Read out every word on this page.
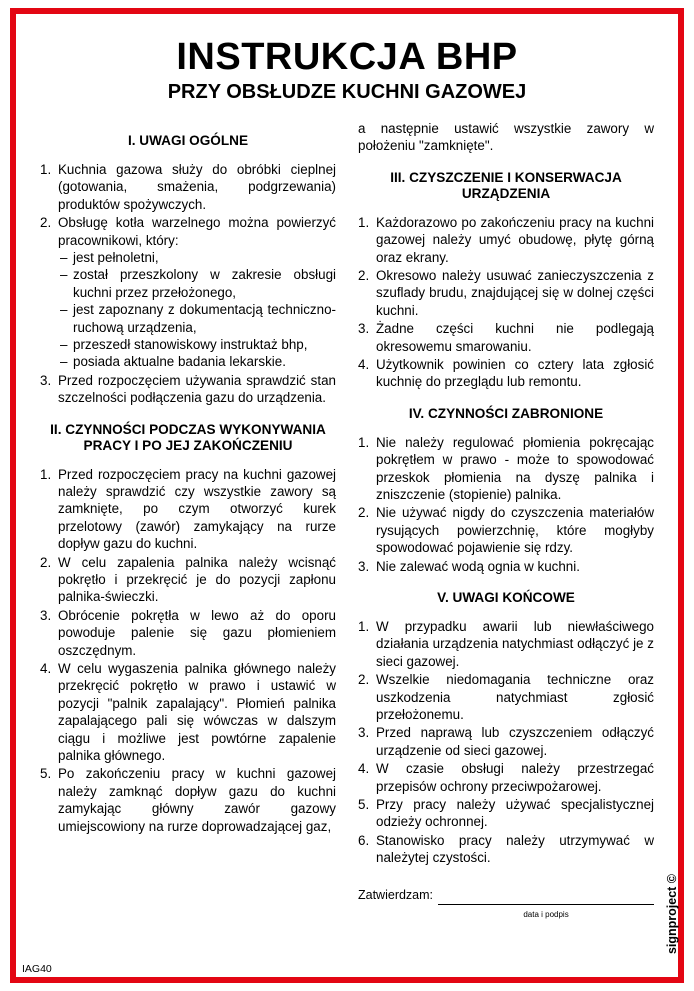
INSTRUKCJA BHP
PRZY OBSŁUDZE KUCHNI GAZOWEJ
I. UWAGI OGÓLNE
Kuchnia gazowa służy do obróbki cieplnej (gotowania, smażenia, podgrzewania) produktów spożywczych.
Obsługę kotła warzelnego można powierzyć pracownikowi, który:
– jest pełnoletni,
– został przeszkolony w zakresie obsługi kuchni przez przełożonego,
– jest zapoznany z dokumentacją techniczno-ruchową urządzenia,
– przeszedł stanowiskowy instruktaż bhp,
– posiada aktualne badania lekarskie.
Przed rozpoczęciem używania sprawdzić stan szczelności podłączenia gazu do urządzenia.
II. CZYNNOŚCI PODCZAS WYKONYWANIA PRACY I PO JEJ ZAKOŃCZENIU
Przed rozpoczęciem pracy na kuchni gazowej należy sprawdzić czy wszystkie zawory są zamknięte, po czym otworzyć kurek przelotowy (zawór) zamykający na rurze dopływ gazu do kuchni.
W celu zapalenia palnika należy wcisnąć pokrętło i przekręcić je do pozycji zapłonu palnika-świeczki.
Obrócenie pokrętła w lewo aż do oporu powoduje palenie się gazu płomieniem oszczędnym.
W celu wygaszenia palnika głównego należy przekręcić pokrętło w prawo i ustawić w pozycji "palnik zapalający". Płomień palnika zapalającego pali się wówczas w dalszym ciągu i możliwe jest powtórne zapalenie palnika głównego.
Po zakończeniu pracy w kuchni gazowej należy zamknąć dopływ gazu do kuchni zamykając główny zawór gazowy umiejscowiony na rurze doprowadzającej gaz,

a następnie ustawić wszystkie zawory w położeniu "zamknięte".

III. CZYSZCZENIE I KONSERWACJA URZĄDZENIA
Każdorazowo po zakończeniu pracy na kuchni gazowej należy umyć obudowę, płytę górną oraz ekrany.
Okresowo należy usuwać zanieczyszczenia z szuflady brudu, znajdującej się w dolnej części kuchni.
Żadne części kuchni nie podlegają okresowemu smarowaniu.
Użytkownik powinien co cztery lata zgłosić kuchnię do przeglądu lub remontu.
IV. CZYNNOŚCI ZABRONIONE
Nie należy regulować płomienia pokręcając pokrętłem w prawo - może to spowodować przeskok płomienia na dyszę palnika i zniszczenie (stopienie) palnika.
Nie używać nigdy do czyszczenia materiałów rysujących powierzchnię, które mogłyby spowodować pojawienie się rdzy.
Nie zalewać wodą ognia w kuchni.
V. UWAGI KOŃCOWE
W przypadku awarii lub niewłaściwego działania urządzenia natychmiast odłączyć je z sieci gazowej.
Wszelkie niedomagania techniczne oraz uszkodzenia natychmiast zgłosić przełożonemu.
Przed naprawą lub czyszczeniem odłączyć urządzenie od sieci gazowej.
W czasie obsługi należy przestrzegać przepisów ochrony przeciwpożarowej.
Przy pracy należy używać specjalistycznej odzieży ochronnej.
Stanowisko pracy należy utrzymywać w należytej czystości.
Zatwierdzam:
data i podpis
IAG40
signproject ©
